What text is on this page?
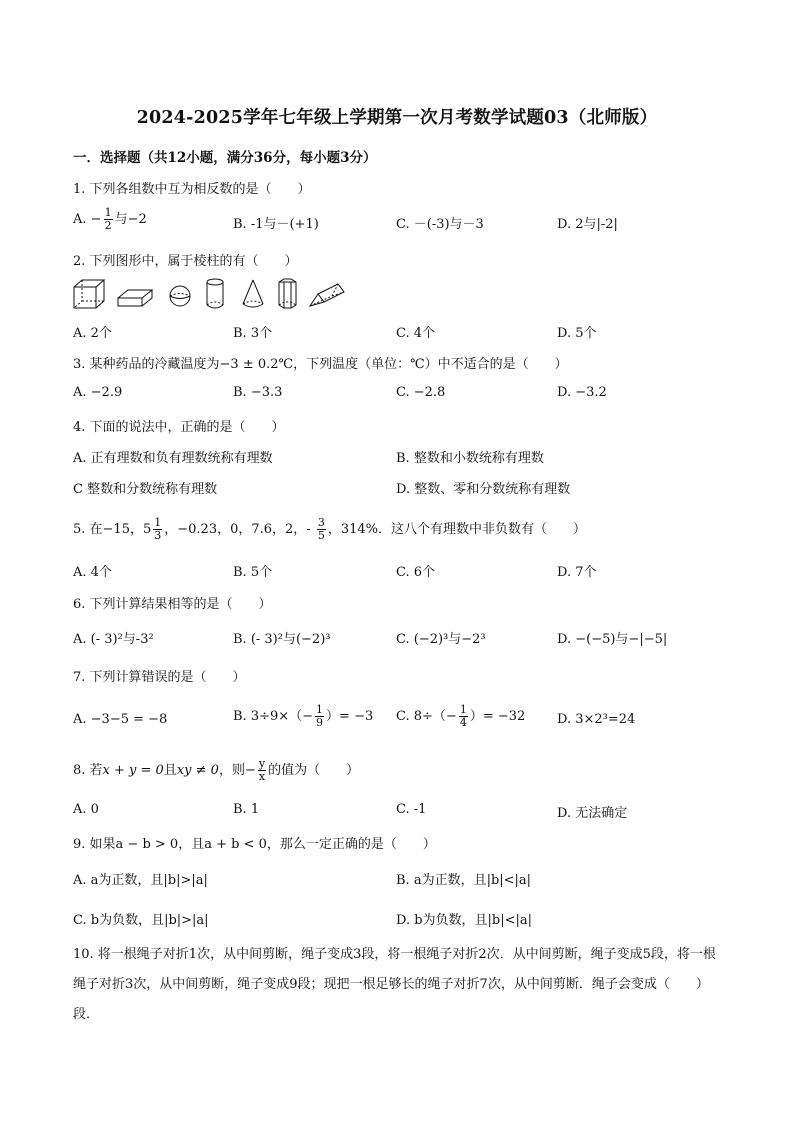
2024-2025学年七年级上学期第一次月考数学试题03（北师版）
一．选择题（共12小题，满分36分，每小题3分）
1. 下列各组数中互为相反数的是（　　）
A. − $\frac{1}{2}$ 与−2	B. -1与－(+1)	C. －(-3)与－3	D. 2与|-2|
2. 下列图形中，属于棱柱的有（　　）
A. 2个	B. 3个	C. 4个	D. 5个
3. 某种药品的冷藏温度为−3 ± 0.2℃，下列温度（单位：℃）中不适合的是（　　）
A. −2.9	B. −3.3	C. −2.8	D. −3.2
4. 下面的说法中，正确的是（　　）
A. 正有理数和负有理数统称有理数	B. 整数和小数统称有理数
C 整数和分数统称有理数	D. 整数、零和分数统称有理数
5. 在−15，$5 \frac{1}{3}$ ，−0.23，0，7.6，2，- $\frac{3}{5}$ ，314%．这八个有理数中非负数有（　　）
A. 4个	B. 5个	C. 6个	D. 7个
6. 下列计算结果相等的是（　　）
A. (- 3)²与-3²	B. (- 3)²与(−2)³	C. (−2)³与−2³	D. −(−5)与−|−5|
7. 下列计算错误的是（　　）
A. −3−5 = −8	B. $3\div 9\times(- \frac{1}{9}$ ）= −3 C. $8\div(- \frac{1}{4}$ ）= −32 D. 3×2³=24
8. 若x + y = 0且xy ≠ 0，则− $\frac{y}{x}$ 的值为（　　）
A. 0	B. 1	C. -1	D. 无法确定
9. 如果a − b > 0，且a + b < 0，那么一定正确的是（　　）
A. a为正数，且|b|>|a|	B. a为正数，且|b|<|a|
C. b为负数，且|b|>|a|	D. b为负数，且|b|<|a|
10. 将一根绳子对折1次，从中间剪断，绳子变成3段，将一根绳子对折2次．从中间剪断，绳子变成5段，将一根绳子对折3次，从中间剪断，绳子变成9段；现把一根足够长的绳子对折7次，从中间剪断．绳子会变成（　　）段．
